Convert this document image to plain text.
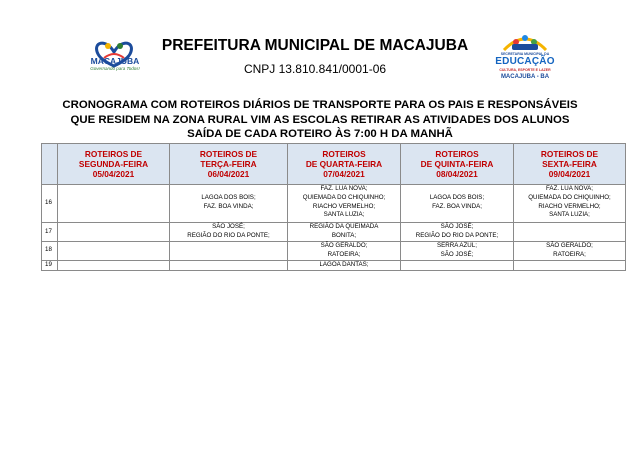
MACAJUBA
Governando para Todos!
SECRETARIA MUNICIPAL DA
EDUCAÇÃO
CULTURA, ESPORTE E LAZER
MACAJUBA - BA
PREFEITURA MUNICIPAL DE MACAJUBA
CNPJ 13.810.841/0001-06
CRONOGRAMA COM ROTEIROS DIÁRIOS DE TRANSPORTE PARA OS PAIS E RESPONSÁVEIS
QUE RESIDEM NA ZONA RURAL VIM AS ESCOLAS RETIRAR AS ATIVIDADES DOS ALUNOS
SAÍDA DE CADA ROTEIRO ÀS 7:00 H DA MANHÃ

	ROTEIROS DE
SEGUNDA-FEIRA
05/04/2021	ROTEIROS DE
TERÇA-FEIRA
06/04/2021	ROTEIROS
DE QUARTA-FEIRA
07/04/2021	ROTEIROS
DE QUINTA-FEIRA
08/04/2021	ROTEIROS DE
SEXTA-FEIRA
09/04/2021

16		LAGOA DOS BOIS;
FAZ. BOA VINDA;	FAZ. LUA NOVA;
QUIEMADA DO CHIQUINHO;
RIACHO VERMELHO;
SANTA LUZIA;	LAGOA DOS BOIS;
FAZ. BOA VINDA;	FAZ. LUA NOVA;
QUIEMADA DO CHIQUINHO;
RIACHO VERMELHO;
SANTA LUZIA;

17		SÃO JOSÉ;
REGIÃO DO RIO DA PONTE;	REGIÃO DA QUEIMADA
BONITA;	SÃO JOSÉ;
REGIÃO DO RIO DA PONTE;	

18			SÃO GERALDO;
RATOEIRA;	SERRA AZUL;
SÃO JOSÉ;	SÃO GERALDO;
RATOEIRA;

19			LAGOA DANTAS;		
